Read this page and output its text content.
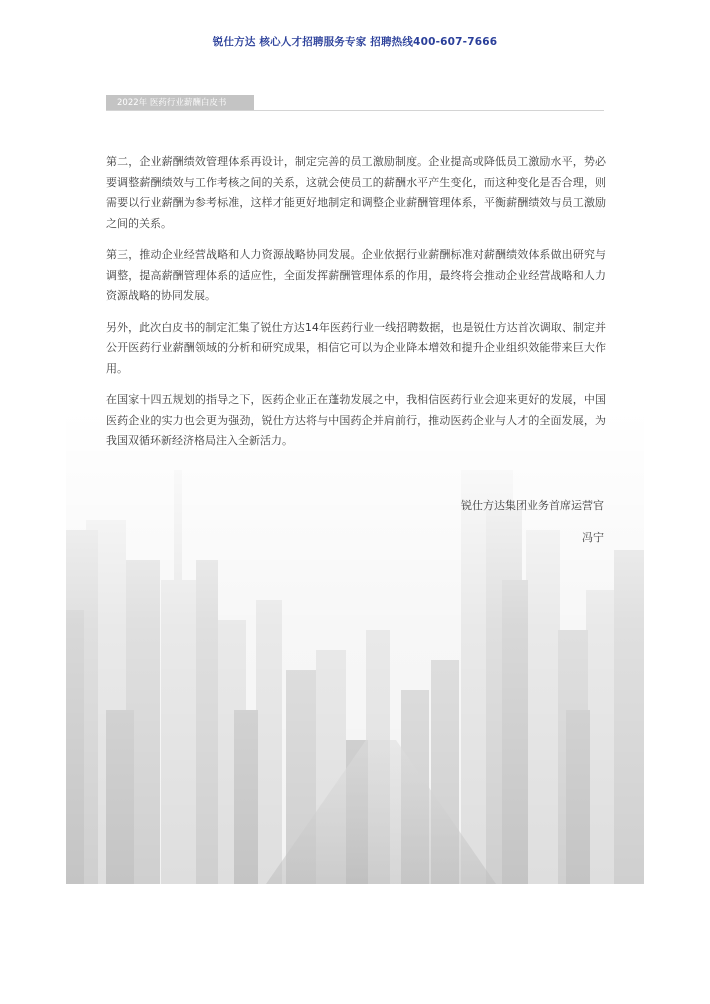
锐仕方达 核心人才招聘服务专家 招聘热线400-607-7666
2022年 医药行业薪酬白皮书

第二，企业薪酬绩效管理体系再设计，制定完善的员工激励制度。企业提高或降低员工激励水平，势必要调整薪酬绩效与工作考核之间的关系，这就会使员工的薪酬水平产生变化，而这种变化是否合理，则需要以行业薪酬为参考标准，这样才能更好地制定和调整企业薪酬管理体系，平衡薪酬绩效与员工激励之间的关系。

第三，推动企业经营战略和人力资源战略协同发展。企业依据行业薪酬标准对薪酬绩效体系做出研究与调整，提高薪酬管理体系的适应性，全面发挥薪酬管理体系的作用，最终将会推动企业经营战略和人力资源战略的协同发展。

另外，此次白皮书的制定汇集了锐仕方达14年医药行业一线招聘数据，也是锐仕方达首次调取、制定并公开医药行业薪酬领域的分析和研究成果，相信它可以为企业降本增效和提升企业组织效能带来巨大作用。

在国家十四五规划的指导之下，医药企业正在蓬勃发展之中，我相信医药行业会迎来更好的发展，中国医药企业的实力也会更为强劲，锐仕方达将与中国药企并肩前行，推动医药企业与人才的全面发展，为我国双循环新经济格局注入全新活力。

锐仕方达集团业务首席运营官
冯宁
